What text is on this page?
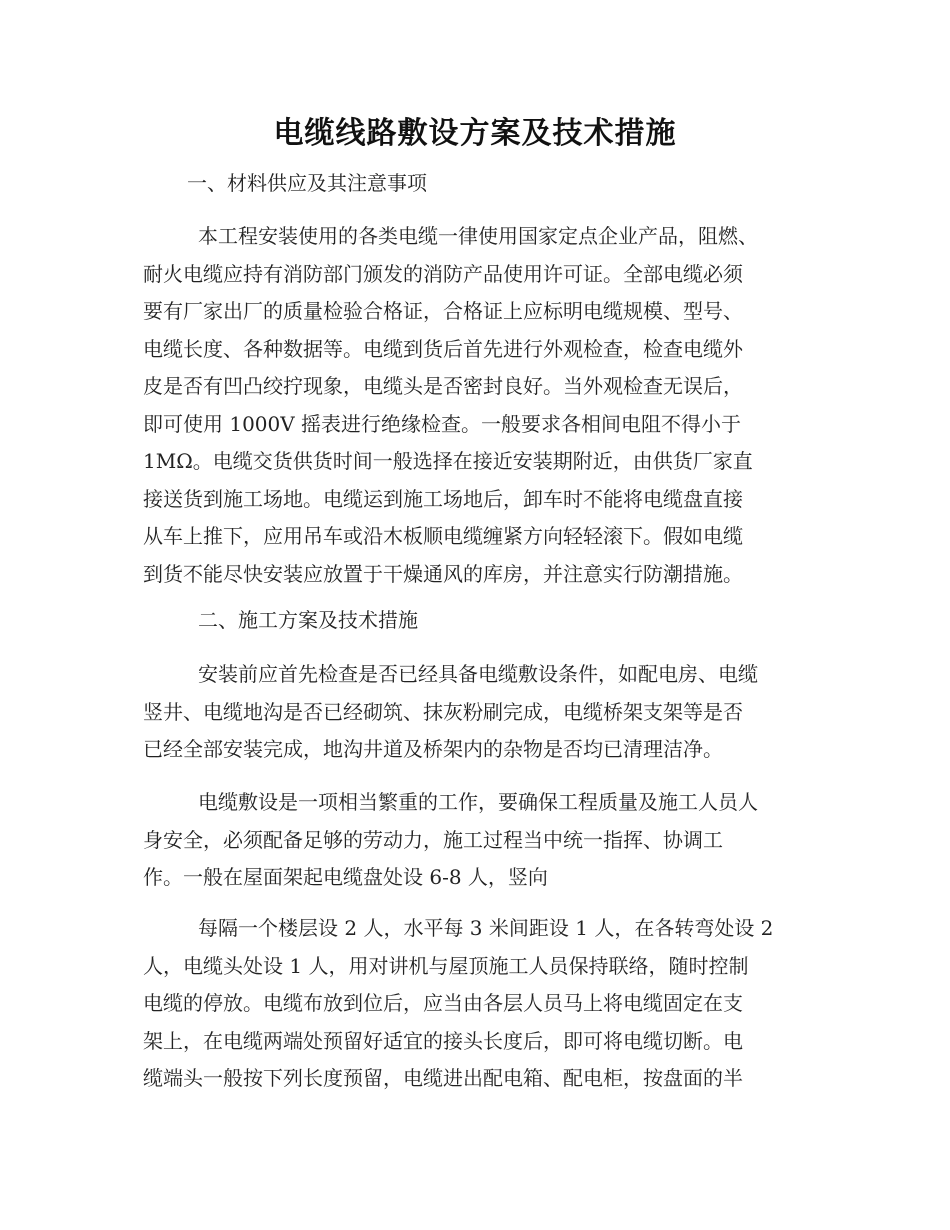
电缆线路敷设方案及技术措施
一、材料供应及其注意事项
本工程安装使用的各类电缆一律使用国家定点企业产品，阻燃、
耐火电缆应持有消防部门颁发的消防产品使用许可证。全部电缆必须
要有厂家出厂的质量检验合格证，合格证上应标明电缆规模、型号、
电缆长度、各种数据等。电缆到货后首先进行外观检查，检查电缆外
皮是否有凹凸绞拧现象，电缆头是否密封良好。当外观检查无误后，
即可使用 1000V 摇表进行绝缘检查。一般要求各相间电阻不得小于
1MΩ。电缆交货供货时间一般选择在接近安装期附近，由供货厂家直
接送货到施工场地。电缆运到施工场地后，卸车时不能将电缆盘直接
从车上推下，应用吊车或沿木板顺电缆缠紧方向轻轻滚下。假如电缆
到货不能尽快安装应放置于干燥通风的库房，并注意实行防潮措施。
二、施工方案及技术措施
安装前应首先检查是否已经具备电缆敷设条件，如配电房、电缆
竖井、电缆地沟是否已经砌筑、抹灰粉刷完成，电缆桥架支架等是否
已经全部安装完成，地沟井道及桥架内的杂物是否均已清理洁净。
电缆敷设是一项相当繁重的工作，要确保工程质量及施工人员人
身安全，必须配备足够的劳动力，施工过程当中统一指挥、协调工
作。一般在屋面架起电缆盘处设 6-8 人，竖向
每隔一个楼层设 2 人，水平每 3 米间距设 1 人，在各转弯处设 2
人，电缆头处设 1 人，用对讲机与屋顶施工人员保持联络，随时控制
电缆的停放。电缆布放到位后，应当由各层人员马上将电缆固定在支
架上，在电缆两端处预留好适宜的接头长度后，即可将电缆切断。电
缆端头一般按下列长度预留，电缆进出配电箱、配电柜，按盘面的半
